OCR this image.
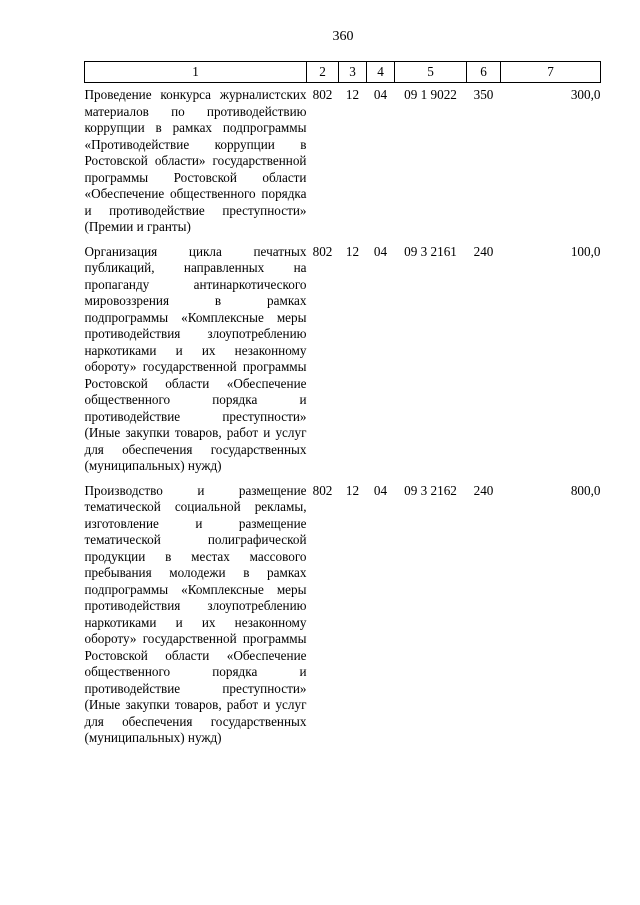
360
1	2	3	4	5	6	7
Проведение конкурса журналистских материалов по противодействию коррупции в рамках подпрограммы «Противодействие коррупции в Ростовской области» государственной программы Ростовской области «Обеспечение общественного порядка и противодействие преступности» (Премии и гранты)	802	12	04	09 1 9022	350	300,0
Организация цикла печатных публикаций, направленных на пропаганду антинаркотического мировоззрения в рамках подпрограммы «Комплексные меры противодействия злоупотреблению наркотиками и их незаконному обороту» государственной программы Ростовской области «Обеспечение общественного порядка и противодействие преступности» (Иные закупки товаров, работ и услуг для обеспечения государственных (муниципальных) нужд)	802	12	04	09 3 2161	240	100,0
Производство и размещение тематической социальной рекламы, изготовление и размещение тематической полиграфической продукции в местах массового пребывания молодежи в рамках подпрограммы «Комплексные меры противодействия злоупотреблению наркотиками и их незаконному обороту» государственной программы Ростовской области «Обеспечение общественного порядка и противодействие преступности» (Иные закупки товаров, работ и услуг для обеспечения государственных (муниципальных) нужд)	802	12	04	09 3 2162	240	800,0
